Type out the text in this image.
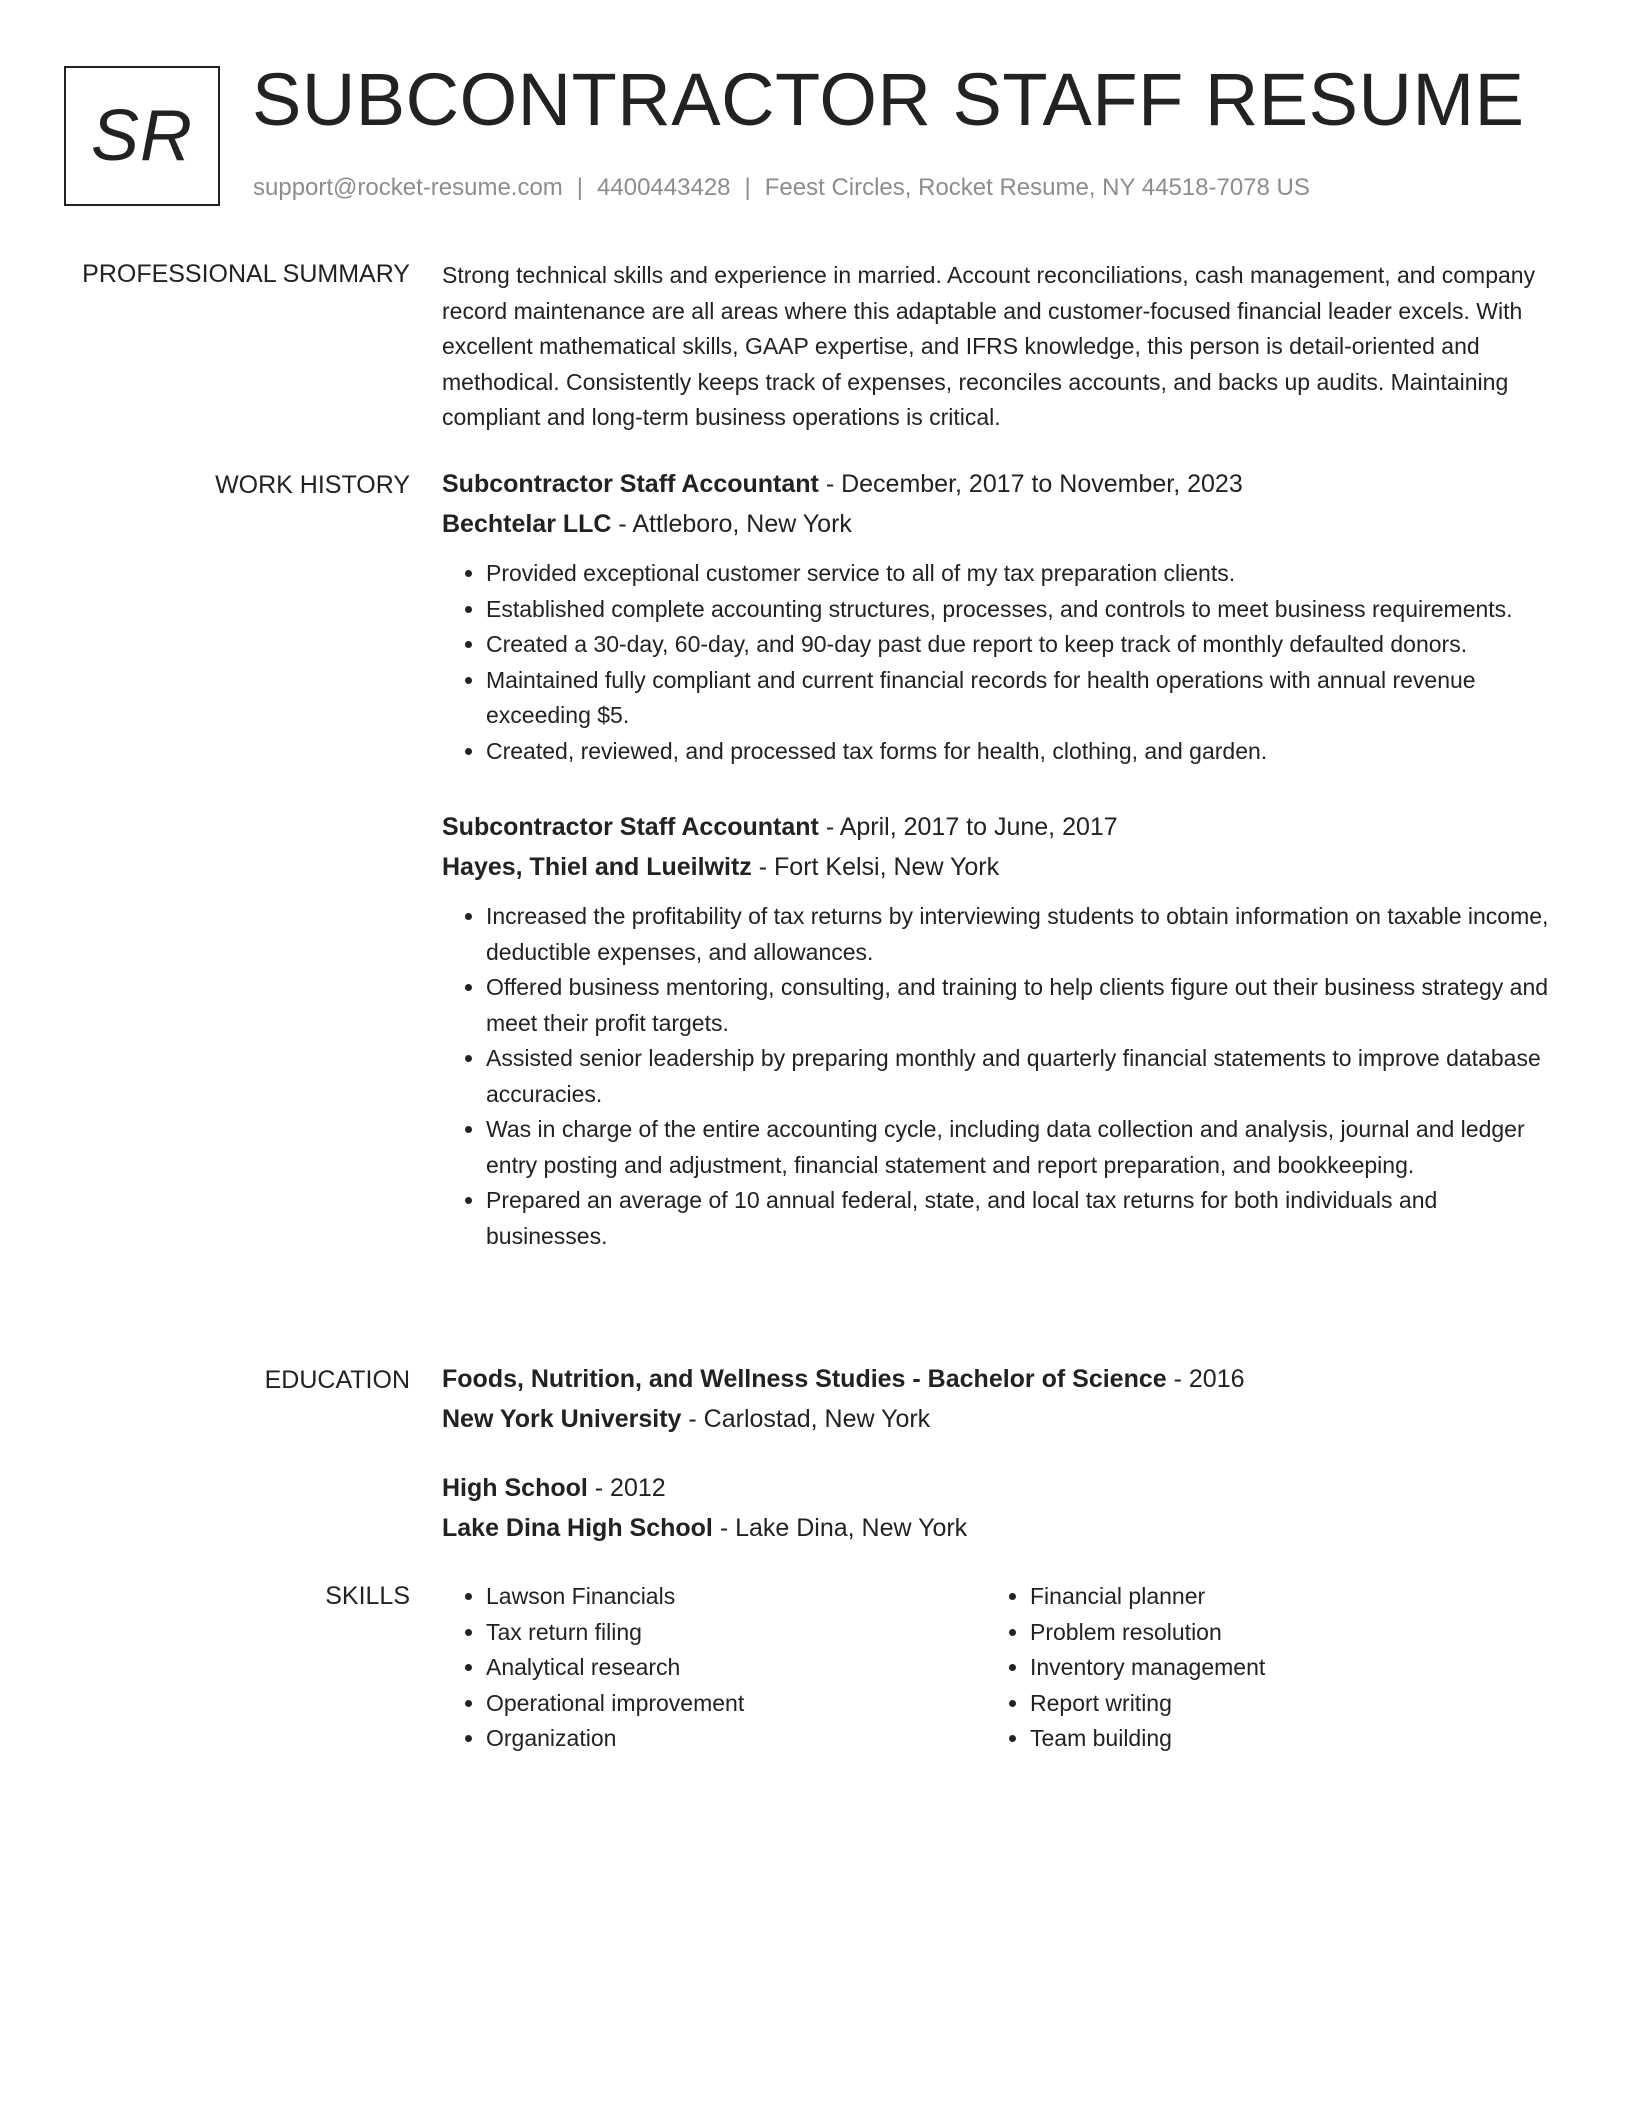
SR SUBCONTRACTOR STAFF RESUME
support@rocket-resume.com | 4400443428 | Feest Circles, Rocket Resume, NY 44518-7078 US
PROFESSIONAL SUMMARY Strong technical skills and experience in married. Account reconciliations, cash management, and company record maintenance are all areas where this adaptable and customer-focused financial leader excels. With excellent mathematical skills, GAAP expertise, and IFRS knowledge, this person is detail-oriented and methodical. Consistently keeps track of expenses, reconciles accounts, and backs up audits. Maintaining compliant and long-term business operations is critical.

WORK HISTORY Subcontractor Staff Accountant - December, 2017 to November, 2023
Bechtelar LLC - Attleboro, New York
• Provided exceptional customer service to all of my tax preparation clients.
• Established complete accounting structures, processes, and controls to meet business requirements.
• Created a 30-day, 60-day, and 90-day past due report to keep track of monthly defaulted donors.
• Maintained fully compliant and current financial records for health operations with annual revenue exceeding $5.
• Created, reviewed, and processed tax forms for health, clothing, and garden.
Subcontractor Staff Accountant - April, 2017 to June, 2017
Hayes, Thiel and Lueilwitz - Fort Kelsi, New York
• Increased the profitability of tax returns by interviewing students to obtain information on taxable income, deductible expenses, and allowances.
• Offered business mentoring, consulting, and training to help clients figure out their business strategy and meet their profit targets.
• Assisted senior leadership by preparing monthly and quarterly financial statements to improve database accuracies.
• Was in charge of the entire accounting cycle, including data collection and analysis, journal and ledger entry posting and adjustment, financial statement and report preparation, and bookkeeping.
• Prepared an average of 10 annual federal, state, and local tax returns for both individuals and businesses.
EDUCATION Foods, Nutrition, and Wellness Studies - Bachelor of Science - 2016
New York University - Carlostad, New York
High School - 2012
Lake Dina High School - Lake Dina, New York
SKILLS
•	Lawson Financials
• Tax return filing
• Analytical research
• Operational improvement
• Organization
• Financial planner
• Problem resolution
• Inventory management
• Report writing
• Team building
